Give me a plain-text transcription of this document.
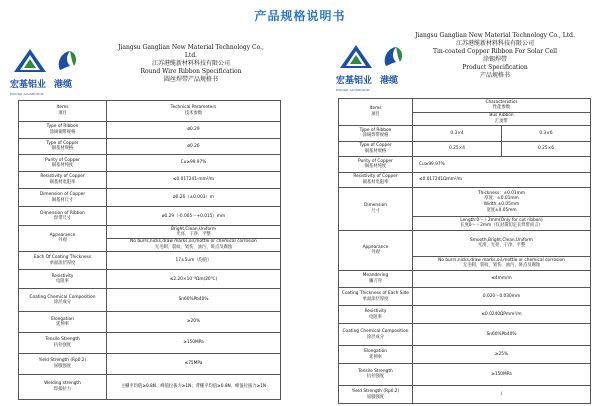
产品规格说明书
宏基铝业
HONGJI ALUMINIUM
港缆
Jiangsu Ganglian New Material Technology Co.,
Ltd.
江苏港缆新材料科技有限公司
Round Wire Ribbon Specification
圆丝焊带产品规格书
Items
项目	Technical Parameters
技术参数

Type of Ribbon
涂锡铜带规格	ø0.29

Type of Copper
铜基材规格	ø0.26

Purity of Copper
铜基材纯度	Cu≥99.97%

Resistivity of Copper
铜基材电阻率	≤0.017241·mm²/m

Dimension of Copper
铜基材尺寸	ø0.26（±0.003）m

Dimension of Ribbon
焊带尺寸	ø0.29（-0.005～+0.015）mm

Appearance
外观	Bright,Clean,Uniform
光亮、干净、平整

	No burrs,nicks,draw marks,oil,mottle or chemical corrosion
无毛刺、裂纹、划伤、油污、斑点及腐蚀

Each Of Coating Thickness
单面涂层厚度	17±5um（均值）

Resistivity
电阻率	≤2.20×10⁻⁸Ωm(20℃)

Coating Chemical Composition
涂层成分	Sn60%Pb40%

Elongation
延伸率	≥20%

Tensile Strength
抗拉强度	≥150MPa

Yield Strength (Rp0.2)
屈服强度	≤75MPa

Welding strength
焊接拉力	主栅平均值≥0.8N、峰值拉拔力≥1N；背栅平均值≥0.8N、峰值拉拔力≥1N
宏基铝业
HONGJI ALUMINIUM
港缆
Jiangsu Ganglian New Material Technology Co., Ltd.
江苏港缆新材料科技有限公司
Tin-coated Copper Ribbon For Solar Cell
涂锡焊带
Product Specification
产品规格书
Items
项目	Characteristics
性能参数	

	Bus Ribbon
汇流带	

Type of Ribbon
涂锡焊带规格	0.3×4	0.3×6

Type of Copper
铜基材规格	0.25×4	0.25×6

Purity of Copper
铜基材纯度	Cu≥99.97%	

Resistivity of Copper
铜基材电阻率	≤0.017241Ωmm²/m	

Dimension
尺寸	Thickness：±0.01mm
厚度：±0.01mm
Width:±0.05mm
宽度±0.05mm	

	Length:0～＋2mm(Only for cut ribbon)
长度0～＋2mm（仅对裁切定长焊带而言）	

Appearance
外观	Smooth,Bright,Clean,Uniform
光滑、光亮、干净、平整	

	No burrs,nicks,draw marks,oil,mottle or chemical corrosion
无毛刺、裂纹、划伤、油污、斑点及腐蚀	

Meandering
镰刀弯	≤4mm/m	

Coating Thickness of Each Side
单面涂层厚度	0.020～0.030mm	

Resistivity
电阻率	≤0.0240ΩPmm²/m	

Coating Chemical Composition
涂层成分	Sn60%Pb40%	

Elongation
延伸率	≥25%	

Tensile Strength
抗拉强度	≥150MPa	

Yield Strength (Rp0.2)
屈服强度	/	
